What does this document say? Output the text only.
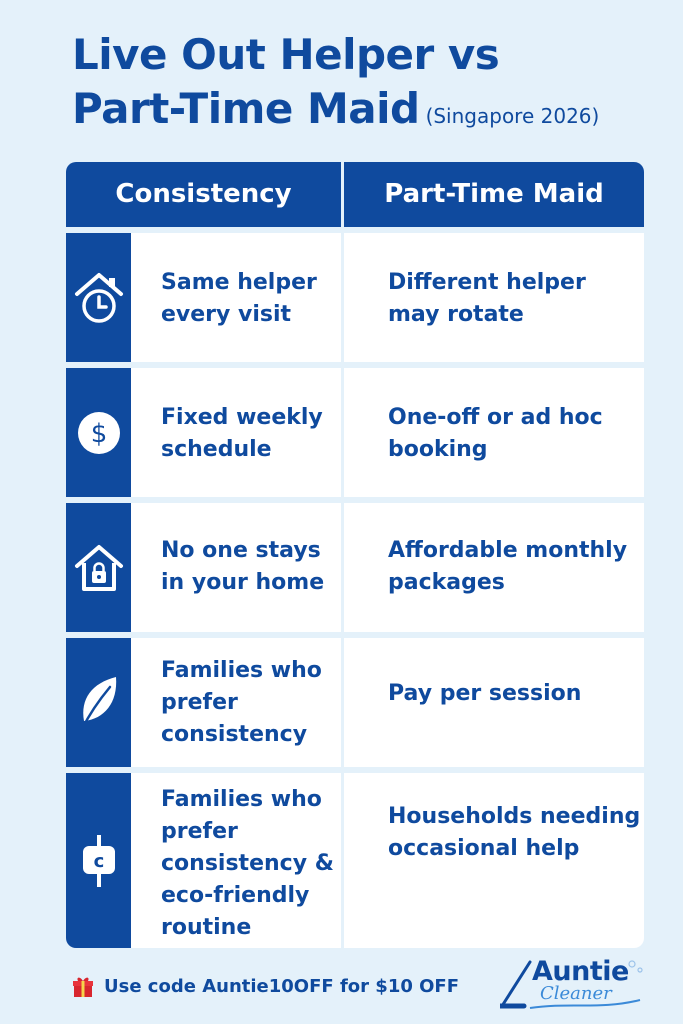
Live Out Helper vs
Part-Time Maid (Singapore 2026)
Consistency	Part-Time Maid
Same helper every visit
Different helper may rotate
$
Fixed weekly schedule
One-off or ad hoc booking
No one stays in your home
Affordable monthly packages
Families who prefer consistency
Pay per session
c
Families who prefer consistency & eco-friendly routine
Households needing occasional help
Use code Auntie10OFF for $10 OFF	Auntie
Cleaner
